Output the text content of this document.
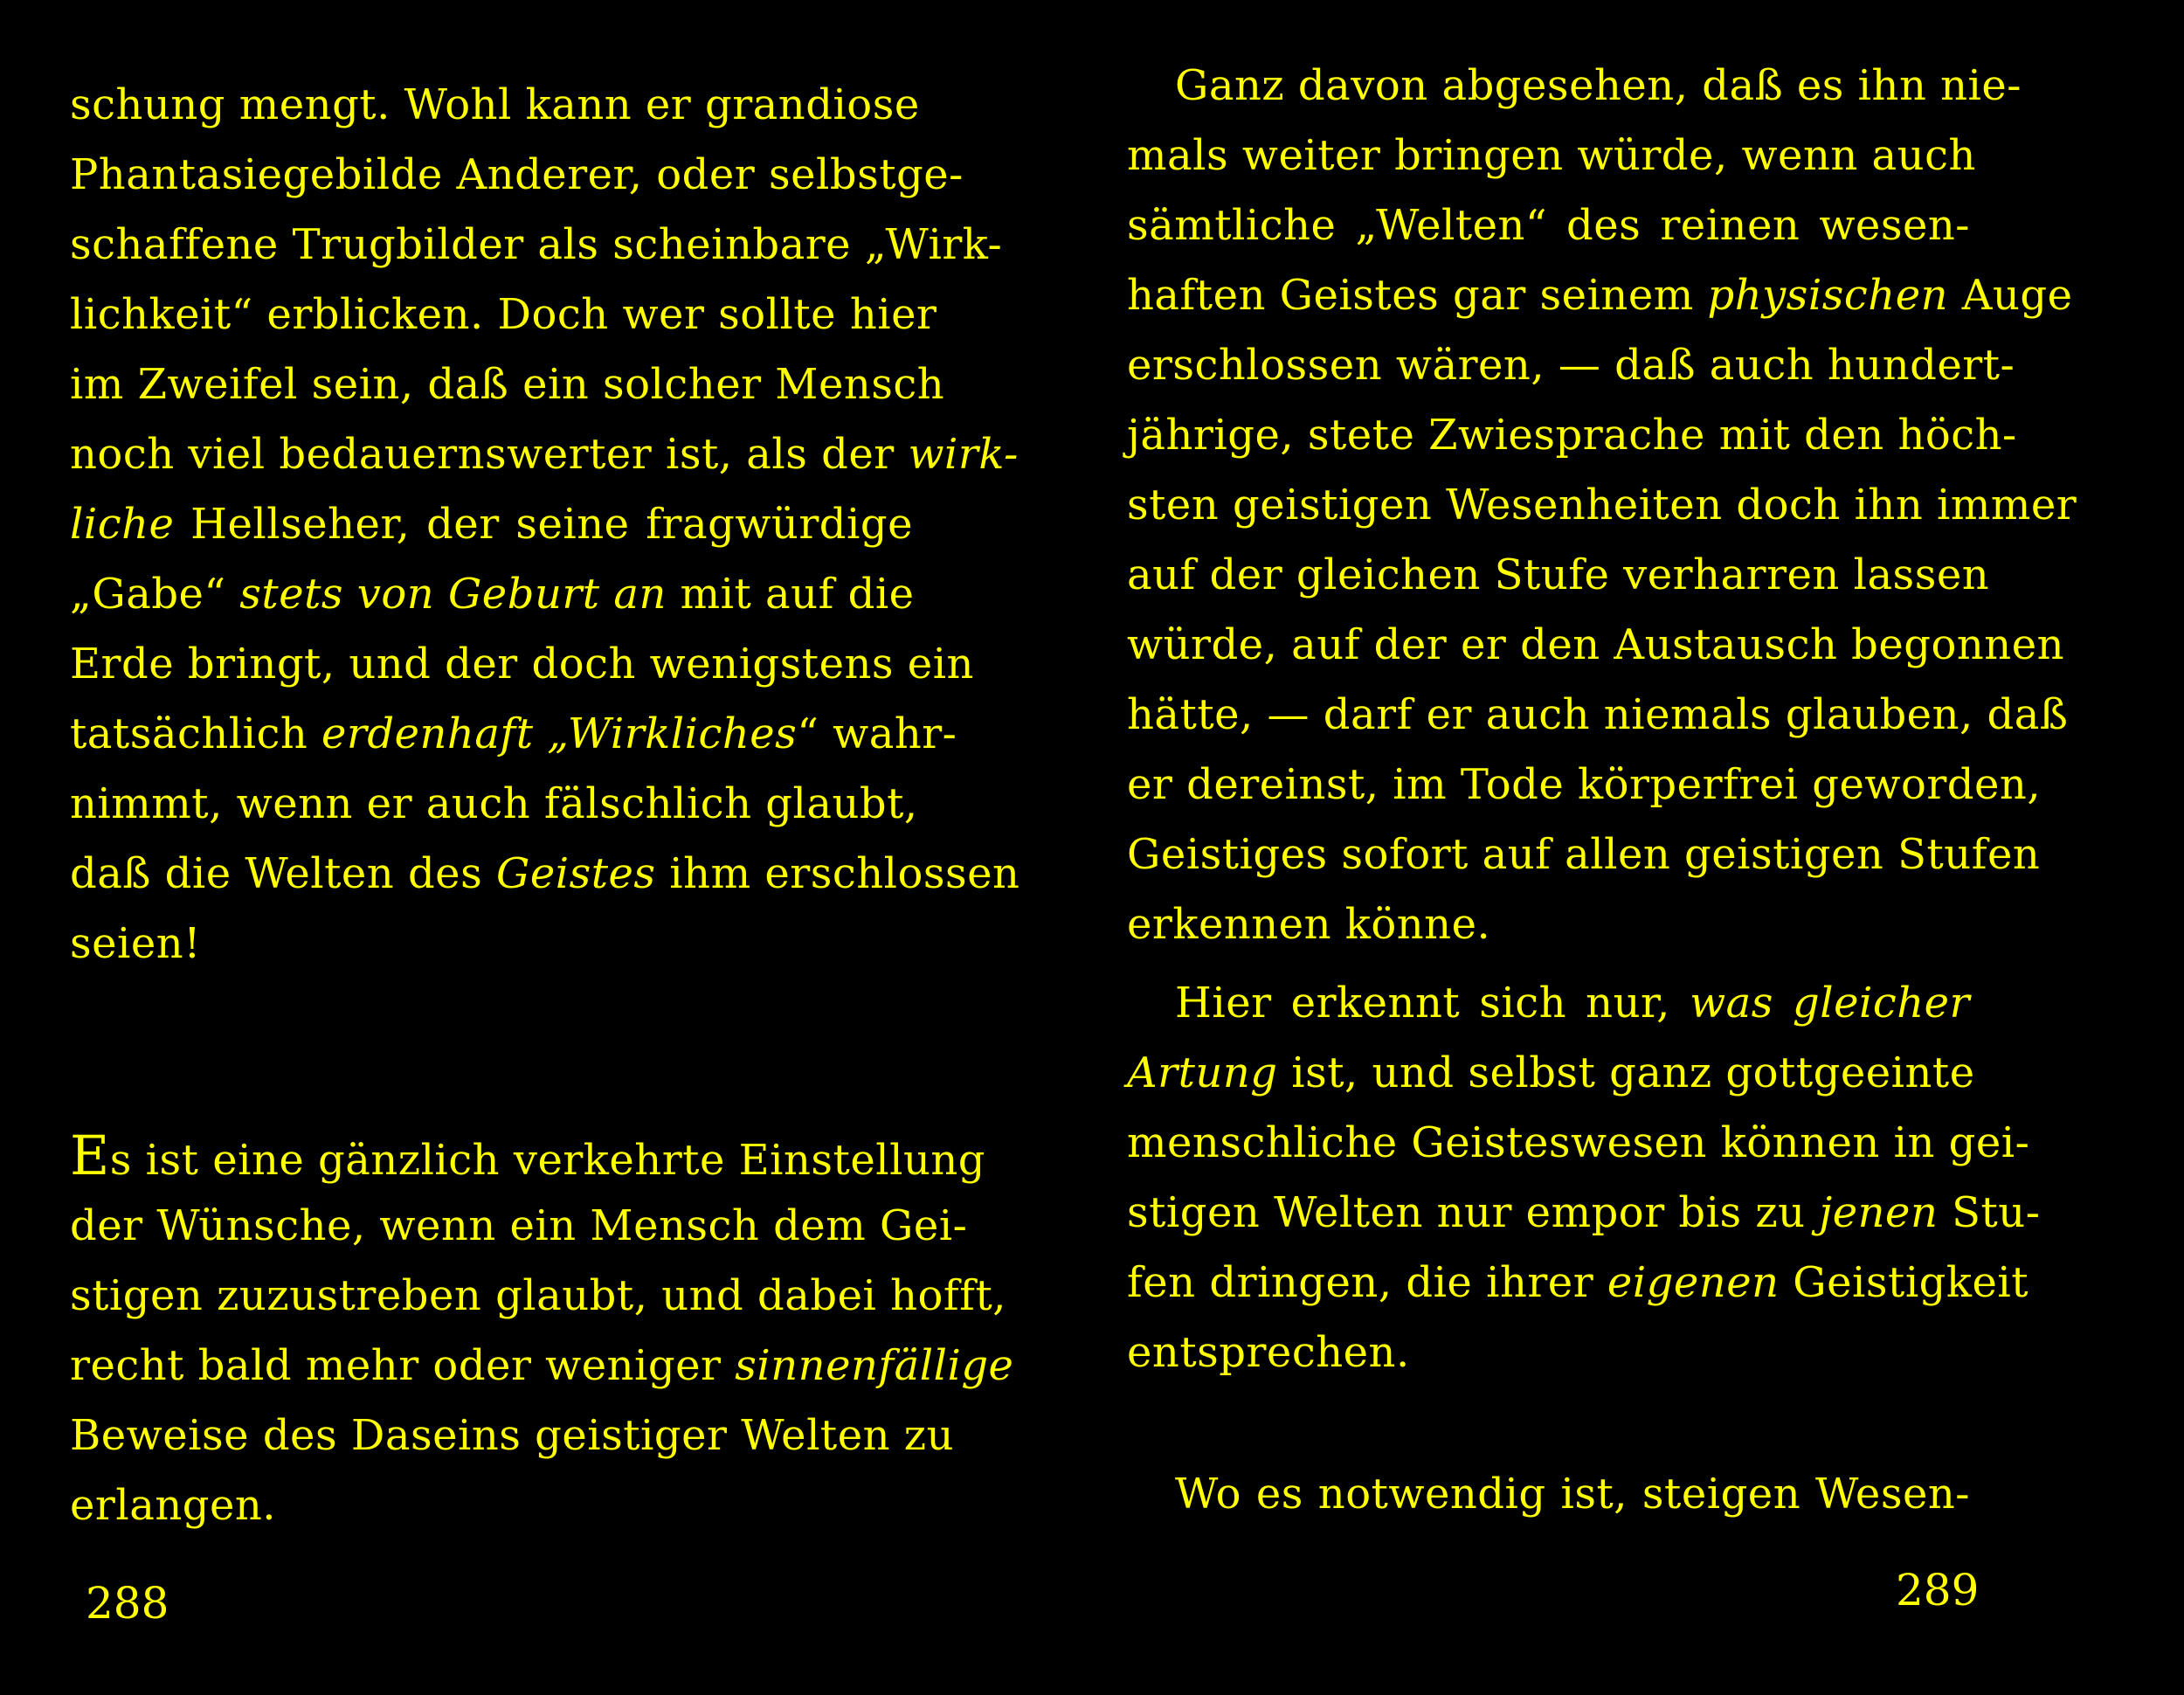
schung mengt. Wohl kann er grandiose
Phantasiegebilde Anderer, oder selbstge-
schaffene Trugbilder als scheinbare „Wirk-
lichkeit“ erblicken. Doch wer sollte hier
im Zweifel sein, daß ein solcher Mensch
noch viel bedauernswerter ist, als der wirk-
liche Hellseher, der seine fragwürdige
„Gabe“ stets von Geburt an mit auf die
Erde bringt, und der doch wenigstens ein
tatsächlich erdenhaft „Wirkliches“ wahr-
nimmt, wenn er auch fälschlich glaubt,
daß die Welten des Geistes ihm erschlossen
seien!
Es ist eine gänzlich verkehrte Einstellung
der Wünsche, wenn ein Mensch dem Gei-
stigen zuzustreben glaubt, und dabei hofft,
recht bald mehr oder weniger sinnenfällige
Beweise des Daseins geistiger Welten zu
erlangen.
288
Ganz davon abgesehen, daß es ihn nie-
mals weiter bringen würde, wenn auch
sämtliche „Welten“ des reinen wesen-
haften Geistes gar seinem physischen Auge
erschlossen wären, — daß auch hundert-
jährige, stete Zwiesprache mit den höch-
sten geistigen Wesenheiten doch ihn immer
auf der gleichen Stufe verharren lassen
würde, auf der er den Austausch begonnen
hätte, — darf er auch niemals glauben, daß
er dereinst, im Tode körperfrei geworden,
Geistiges sofort auf allen geistigen Stufen
erkennen könne.
Hier erkennt sich nur, was gleicher
Artung ist, und selbst ganz gottgeeinte
menschliche Geisteswesen können in gei-
stigen Welten nur empor bis zu jenen Stu-
fen dringen, die ihrer eigenen Geistigkeit
entsprechen.
Wo es notwendig ist, steigen Wesen-
289
